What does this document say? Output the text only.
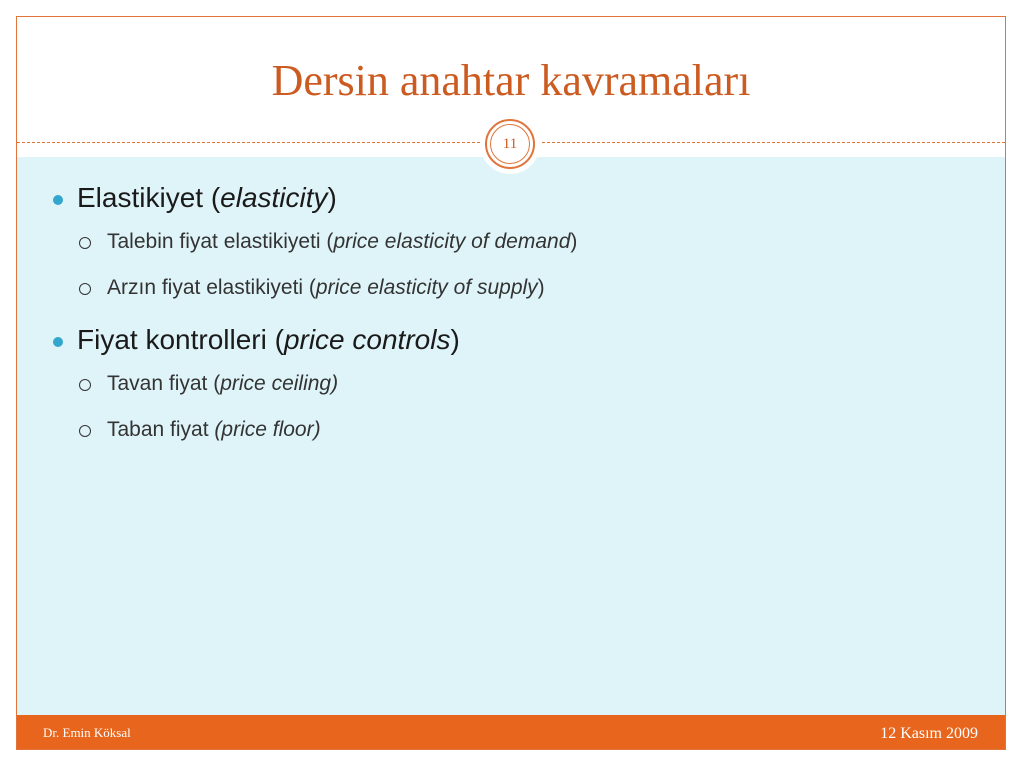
Dersin anahtar kavramaları
11
Elastikiyet (elasticity)
Talebin fiyat elastikiyeti (price elasticity of demand)
Arzın fiyat elastikiyeti (price elasticity of supply)
Fiyat kontrolleri (price controls)
Tavan fiyat (price ceiling)
Taban fiyat (price floor)
Dr. Emin Köksal	12 Kasım 2009
